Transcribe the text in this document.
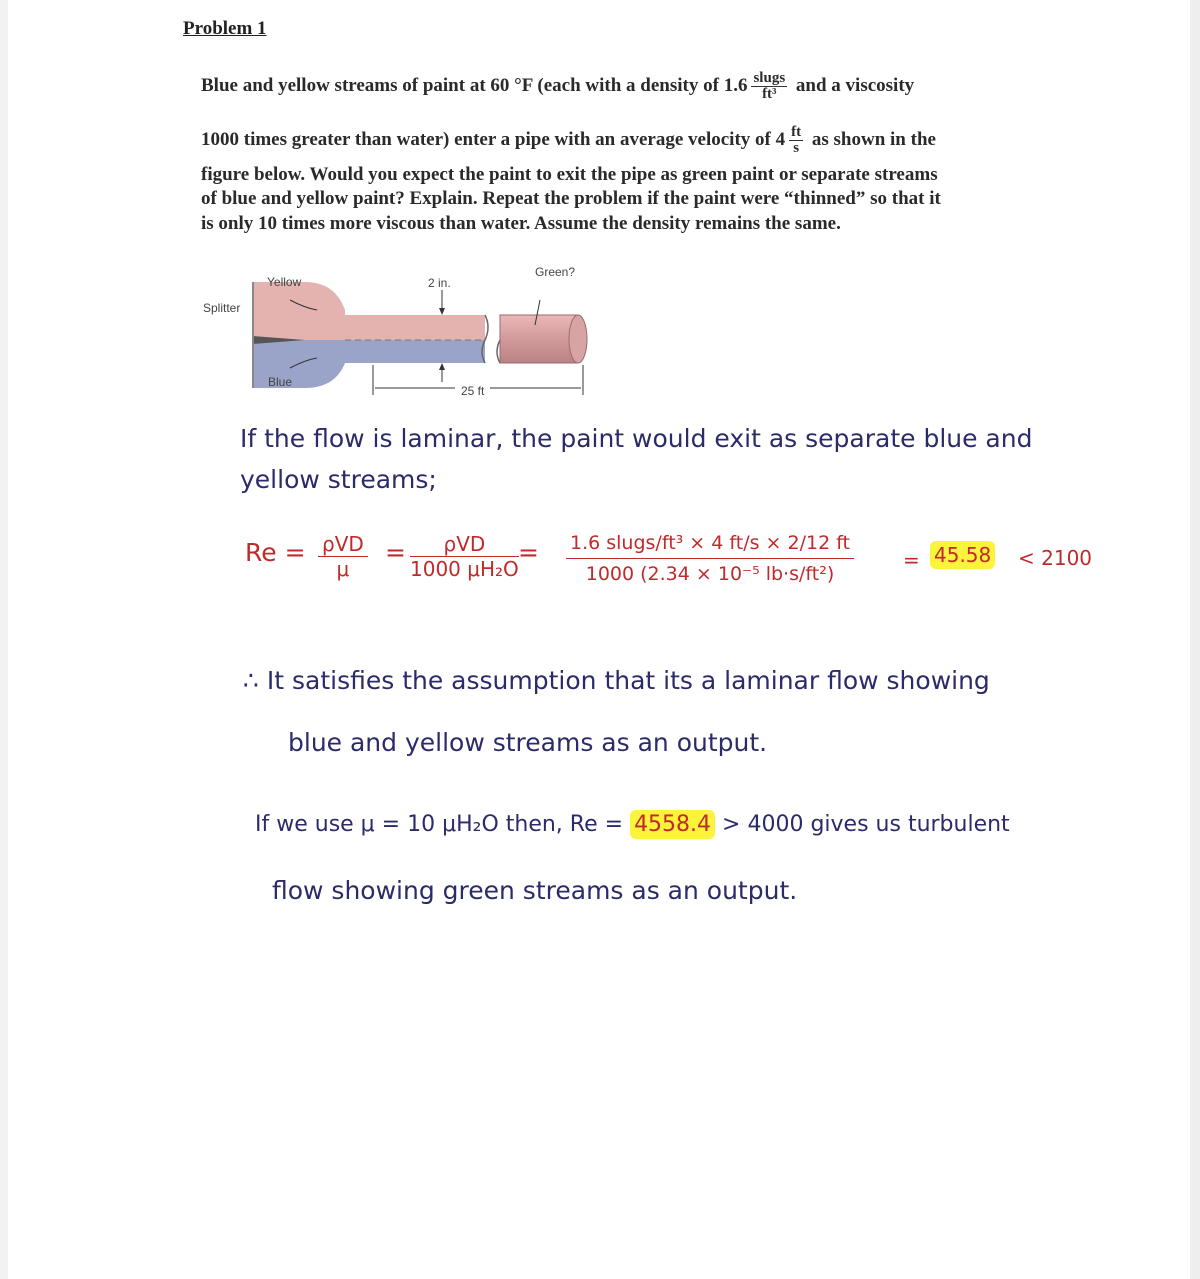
Problem 1
Blue and yellow streams of paint at 60 °F (each with a density of $1.6 \frac{\text{slugs}}{\text{ft³}}$ and a viscosity
1000 times greater than water) enter a pipe with an average velocity of $4 \frac{ft}{s}$ as shown in the
figure below. Would you expect the paint to exit the pipe as green paint or separate streams
of blue and yellow paint? Explain. Repeat the problem if the paint were “thinned” so that it
is only 10 times more viscous than water. Assume the density remains the same.
Yellow
Splitter
Blue
2 in.
25 ft
Green?
If the flow is laminar, the paint would exit as separate blue and
yellow streams;
Re = ρVD
μ
=	ρVD
1000 μH₂O
= 1.6 slugs/ft³ × 4 ft/s × 2/12 ft
1000 (2.34 × 10⁻⁵ lb·s/ft²)
= 45.58 < 2100
∴ It satisfies the assumption that its a laminar flow showing
blue and yellow streams as an output.
If we use μ = 10 μH₂O then, Re = 4558.4 > 4000 gives us turbulent
flow showing green streams as an output.
